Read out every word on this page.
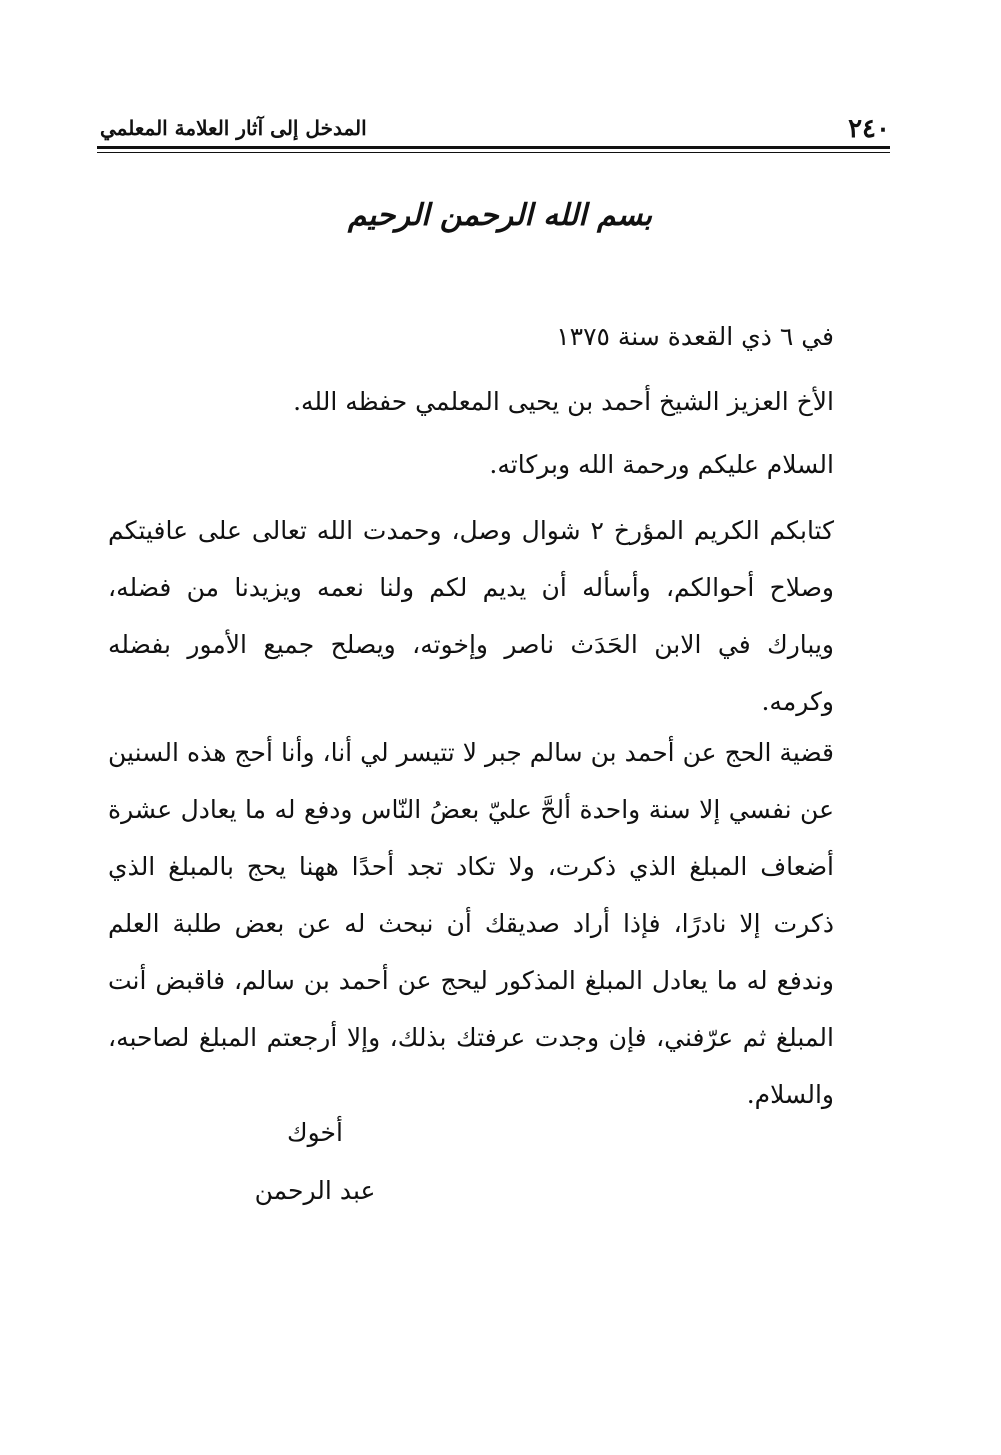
٢٤٠
المدخل إلى آثار العلامة المعلمي
بسم الله الرحمن الرحيم
في ٦ ذي القعدة سنة ١٣٧٥
الأخ العزيز الشيخ أحمد بن يحيى المعلمي حفظه الله.
السلام عليكم ورحمة الله وبركاته.
كتابكم الكريم المؤرخ ٢ شوال وصل، وحمدت الله تعالى على عافيتكم وصلاح أحوالكم، وأسأله أن يديم لكم ولنا نعمه ويزيدنا من فضله، ويبارك في الابن الحَدَث ناصر وإخوته، ويصلح جميع الأمور بفضله وكرمه.
قضية الحج عن أحمد بن سالم جبر لا تتيسر لي أنا، وأنا أحج هذه السنين عن نفسي إلا سنة واحدة ألحَّ عليّ بعضُ النّاس ودفع له ما يعادل عشرة أضعاف المبلغ الذي ذكرت، ولا تكاد تجد أحدًا ههنا يحج بالمبلغ الذي ذكرت إلا نادرًا، فإذا أراد صديقك أن نبحث له عن بعض طلبة العلم وندفع له ما يعادل المبلغ المذكور ليحج عن أحمد بن سالم، فاقبض أنت المبلغ ثم عرّفني، فإن وجدت عرفتك بذلك، وإلا أرجعتم المبلغ لصاحبه، والسلام.
أخوك
عبد الرحمن
